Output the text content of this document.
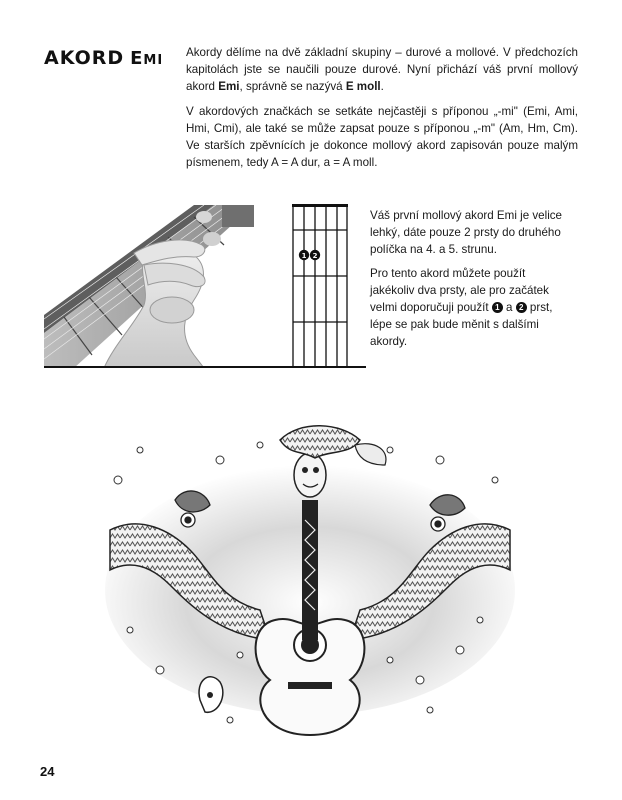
AKORD Emi Akordy dělíme na dvě základní skupiny – durové a mollové. V předchozích kapitolách jste se naučili pouze durové. Nyní přichází váš první mollový akord Emi, správně se nazývá E moll.

V akordových značkách se setkáte nejčastěji s příponou „-mi" (Emi, Ami, Hmi, Cmi), ale také se může zapsat pouze s příponou „-m" (Am, Hm, Cm). Ve starších zpěvnících je dokonce mollový akord zapisován pouze malým písmenem, tedy A = A dur, a = A moll.

1 2

Váš první mollový akord Emi je velice lehký, dáte pouze 2 prsty do druhého políčka na 4. a 5. strunu.

Pro tento akord můžete použít jakékoliv dva prsty, ale pro začátek velmi doporučuji použít 1 a 2 prst, lépe se pak bude měnit s dalšími akordy.

24
